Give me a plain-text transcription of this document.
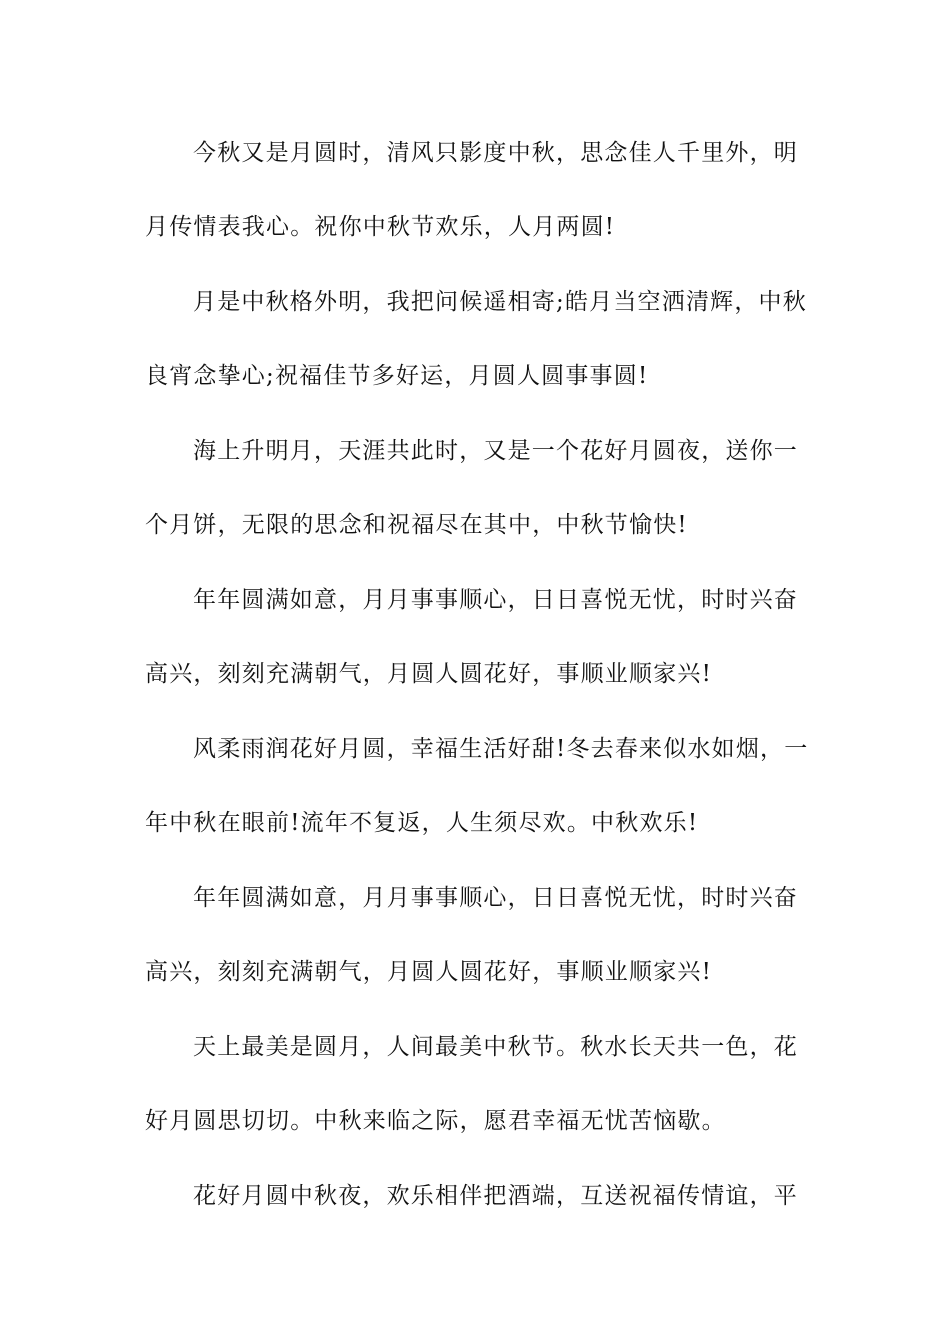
今秋又是月圆时，清风只影度中秋，思念佳人千里外，明
月传情表我心。祝你中秋节欢乐，人月两圆!
月是中秋格外明，我把问候遥相寄;皓月当空洒清辉，中秋
良宵念挚心;祝福佳节多好运，月圆人圆事事圆!
海上升明月，天涯共此时，又是一个花好月圆夜，送你一
个月饼，无限的思念和祝福尽在其中，中秋节愉快!
年年圆满如意，月月事事顺心，日日喜悦无忧，时时兴奋
高兴，刻刻充满朝气，月圆人圆花好，事顺业顺家兴!
风柔雨润花好月圆，幸福生活好甜!冬去春来似水如烟，一
年中秋在眼前!流年不复返，人生须尽欢。中秋欢乐!
年年圆满如意，月月事事顺心，日日喜悦无忧，时时兴奋
高兴，刻刻充满朝气，月圆人圆花好，事顺业顺家兴!
天上最美是圆月，人间最美中秋节。秋水长天共一色，花
好月圆思切切。中秋来临之际，愿君幸福无忧苦恼歇。
花好月圆中秋夜，欢乐相伴把酒端，互送祝福传情谊，平
